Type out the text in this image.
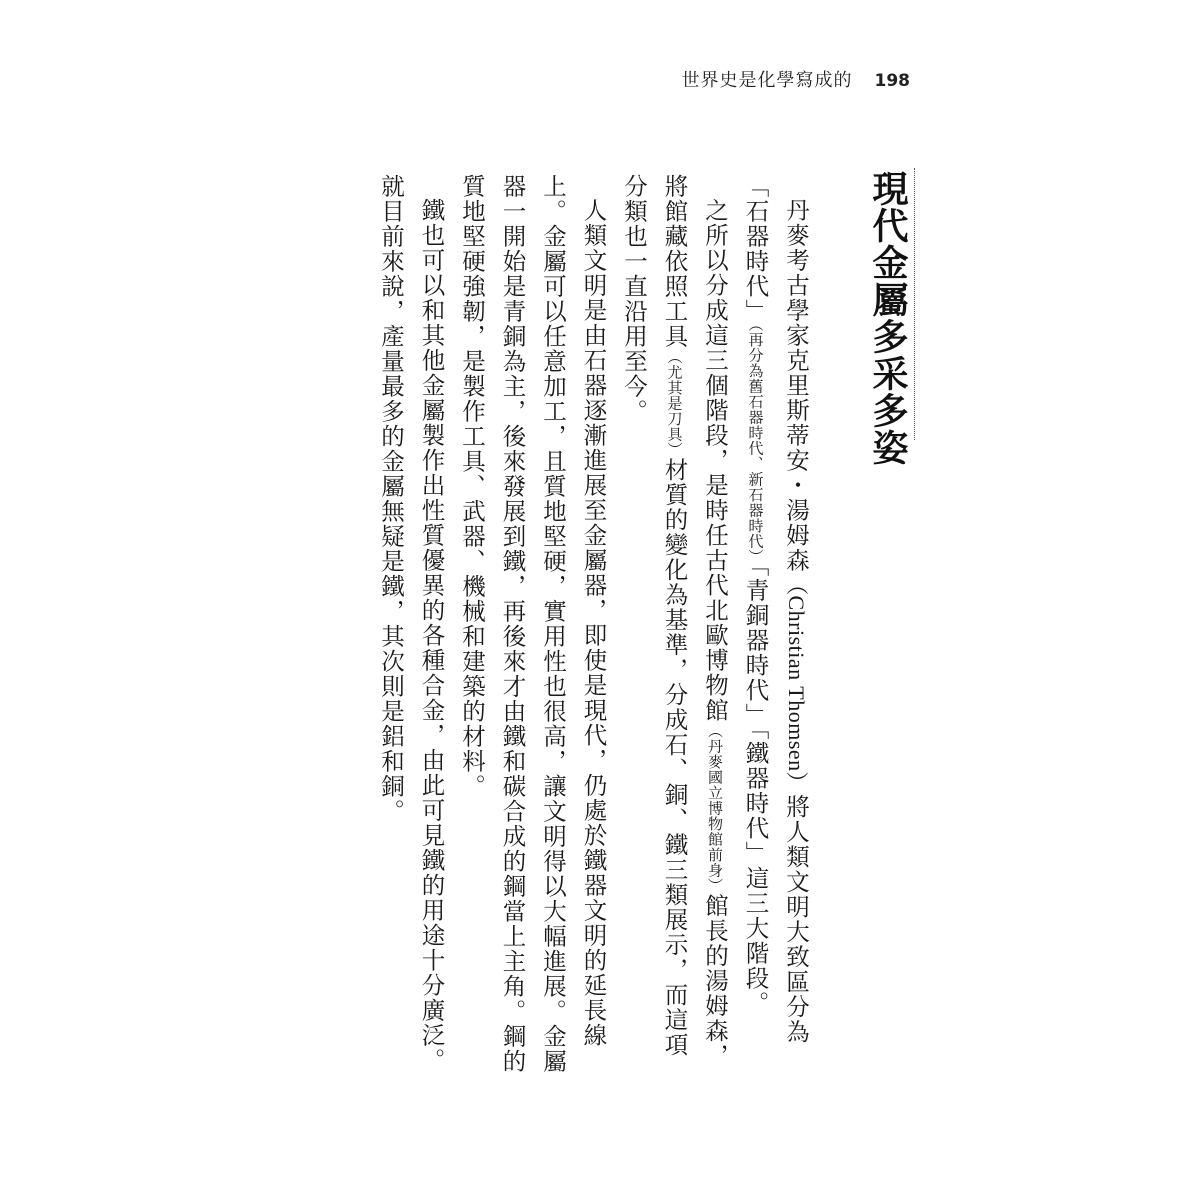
世界史是化學寫成的 198
現代金屬多采多姿

丹麥考古學家克里斯蒂安・湯姆森（Christian Thomsen）將人類文明大致區分為「石器時代」（再分為舊石器時代、新石器時代）「青銅器時代」「鐵器時代」這三大階段。

之所以分成這三個階段，是時任古代北歐博物館（丹麥國立博物館前身）館長的湯姆森，將館藏依照工具（尤其是刀具）材質的變化為基準，分成石、銅、鐵三類展示，而這項分類也一直沿用至今。

人類文明是由石器逐漸進展至金屬器，即使是現代，仍處於鐵器文明的延長線上。金屬可以任意加工，且質地堅硬，實用性也很高，讓文明得以大幅進展。金屬器一開始是青銅為主，後來發展到鐵，再後來才由鐵和碳合成的鋼當上主角。鋼的質地堅硬強韌，是製作工具、武器、機械和建築的材料。

鐵也可以和其他金屬製作出性質優異的各種合金，由此可見鐵的用途十分廣泛。就目前來說，產量最多的金屬無疑是鐵，其次則是鋁和銅。
